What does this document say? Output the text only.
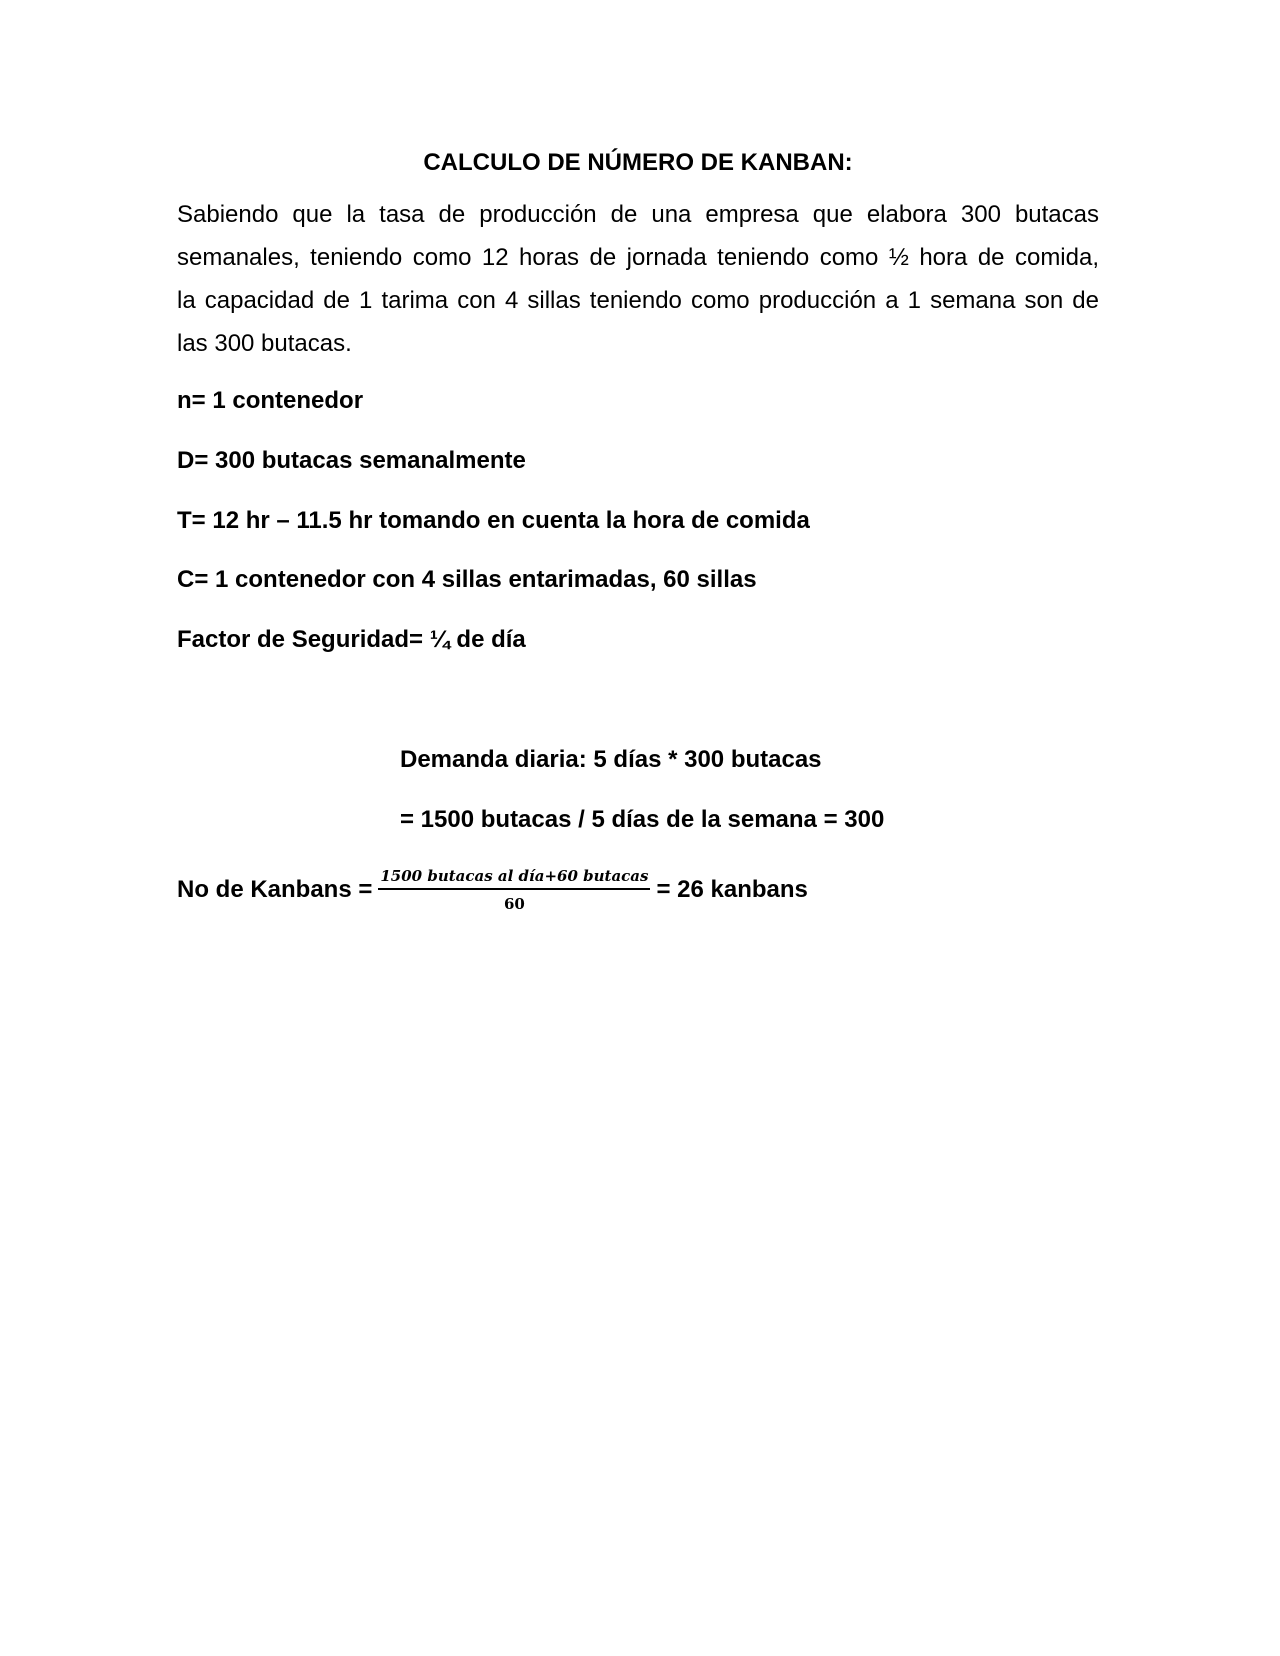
CALCULO DE NÚMERO DE KANBAN:
Sabiendo que la tasa de producción de una empresa que elabora 300 butacas
semanales, teniendo como 12 horas de jornada teniendo como ½ hora de comida,
la capacidad de 1 tarima con 4 sillas teniendo como producción a 1 semana son de
las 300 butacas.
n= 1 contenedor
D= 300 butacas semanalmente
T= 12 hr – 11.5 hr tomando en cuenta la hora de comida
C= 1 contenedor con 4 sillas entarimadas, 60 sillas
Factor de Seguridad= ¼ de día
Demanda diaria: 5 días * 300 butacas
= 1500 butacas / 5 días de la semana = 300
No de Kanbans = $\frac{\text{1500 butacas al día+60 butacas}}{60} = 26$ kanbans
